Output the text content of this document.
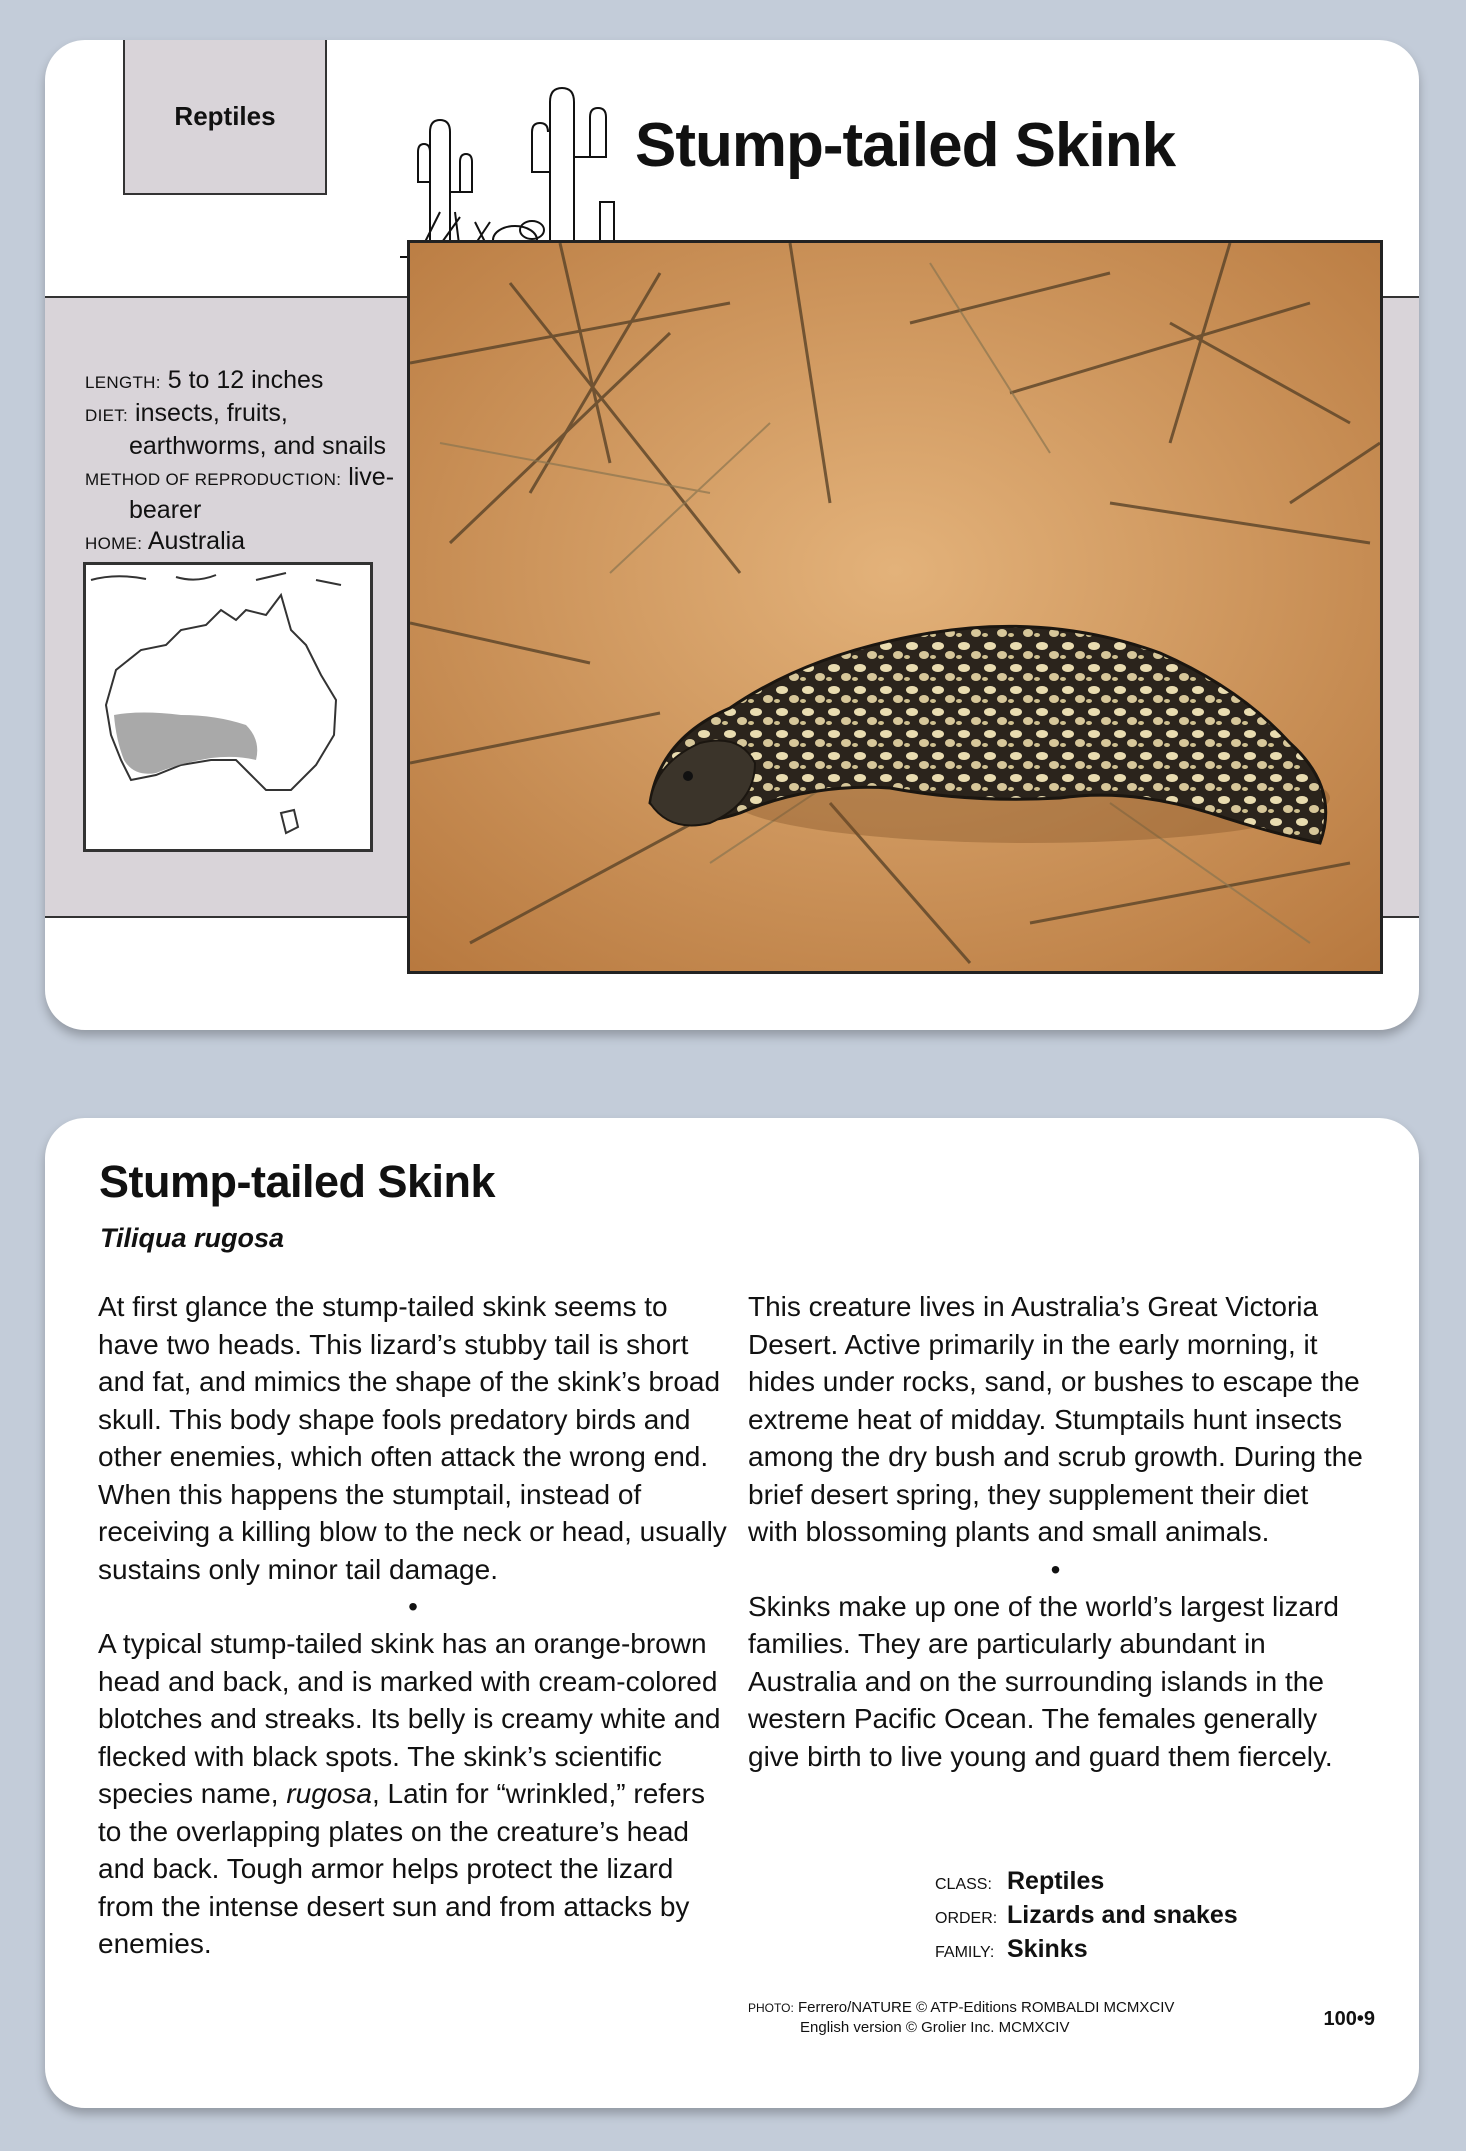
Reptiles	Stump-tailed Skink
LENGTH: 5 to 12 inches
DIET: insects, fruits,
earthworms, and snails
METHOD OF REPRODUCTION: live-
bearer
HOME: Australia
Stump-tailed Skink
Tiliqua rugosa

At first glance the stump-tailed skink seems to have two heads. This lizard’s stubby tail is short and fat, and mimics the shape of the skink’s broad skull. This body shape fools predatory birds and other enemies, which often attack the wrong end. When this happens the stumptail, instead of receiving a killing blow to the neck or head, usually sustains only minor tail damage.

•

A typical stump-tailed skink has an orange-brown head and back, and is marked with cream-colored blotches and streaks. Its belly is creamy white and flecked with black spots. The skink’s scientific species name, rugosa, Latin for “wrinkled,” refers to the overlapping plates on the creature’s head and back. Tough armor helps protect the lizard from the intense desert sun and from attacks by enemies.

This creature lives in Australia’s Great Victoria Desert. Active primarily in the early morning, it hides under rocks, sand, or bushes to escape the extreme heat of midday. Stumptails hunt insects among the dry bush and scrub growth. During the brief desert spring, they supplement their diet with blossoming plants and small animals.

•

Skinks make up one of the world’s largest lizard families. They are particularly abundant in Australia and on the surrounding islands in the western Pacific Ocean. The females generally give birth to live young and guard them fiercely.

CLASS: Reptiles
ORDER: Lizards and snakes
FAMILY: Skinks
PHOTO: Ferrero/NATURE © ATP-Editions ROMBALDI MCMXCIV
English version © Grolier Inc. MCMXCIV	100•9
